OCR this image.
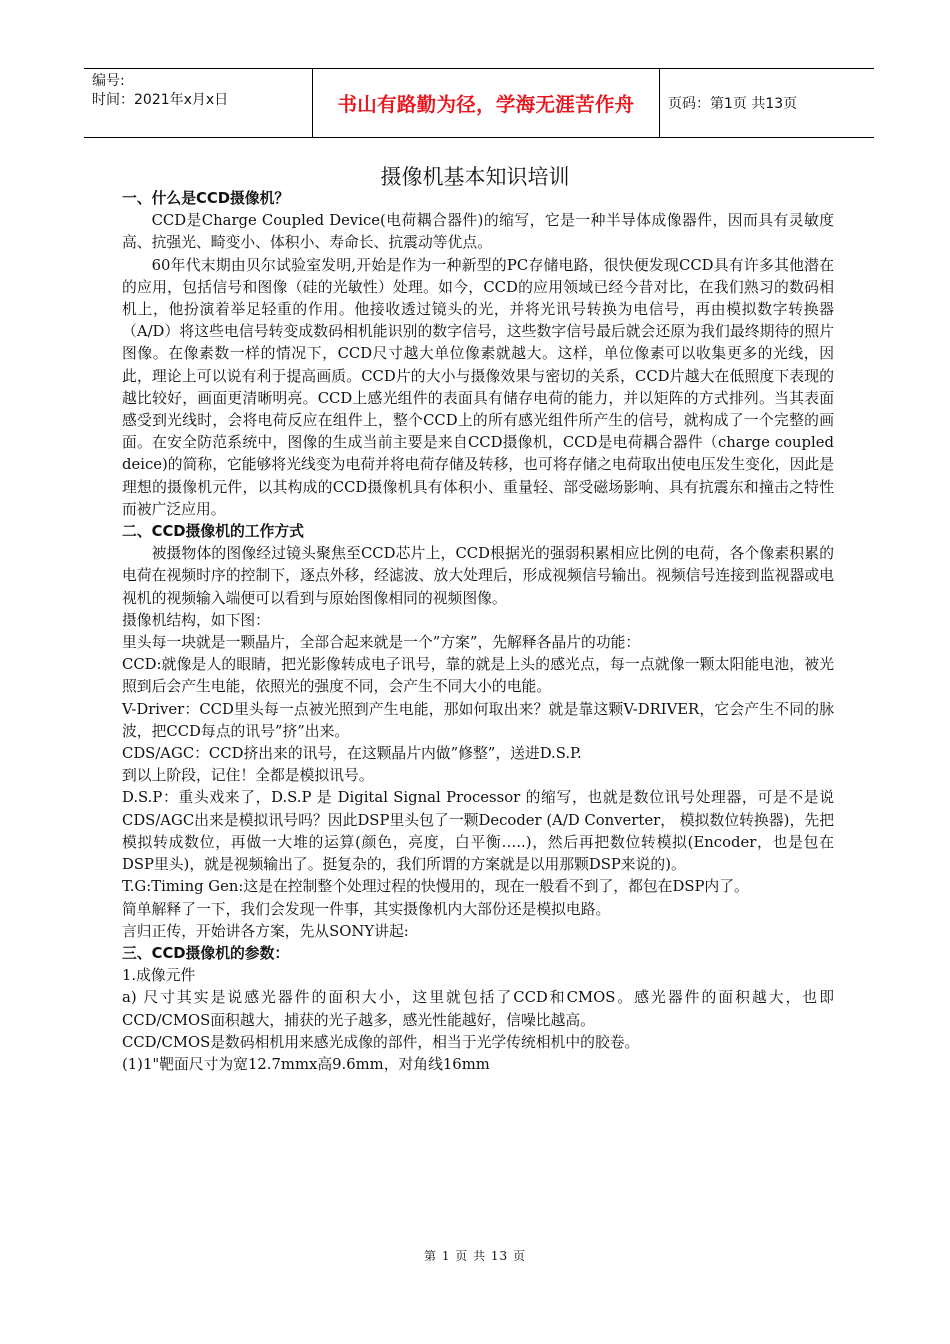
编号:
时间：2021年x月x日	书山有路勤为径，学海无涯苦作舟	页码：第1页 共13页
摄像机基本知识培训
一、什么是CCD摄像机？

CCD是Charge Coupled Device(电荷耦合器件)的缩写，它是一种半导体成像器件，因而具有灵敏度高、抗强光、畸变小、体积小、寿命长、抗震动等优点。

60年代末期由贝尔试验室发明,开始是作为一种新型的PC存储电路，很快便发现CCD具有许多其他潜在的应用，包括信号和图像（硅的光敏性）处理。如今，CCD的应用领域已经今昔对比，在我们熟习的数码相机上，他扮演着举足轻重的作用。他接收透过镜头的光，并将光讯号转换为电信号，再由模拟数字转换器（A/D）将这些电信号转变成数码相机能识别的数字信号，这些数字信号最后就会还原为我们最终期待的照片图像。在像素数一样的情况下，CCD尺寸越大单位像素就越大。这样，单位像素可以收集更多的光线，因此，理论上可以说有利于提高画质。CCD片的大小与摄像效果与密切的关系，CCD片越大在低照度下表现的越比较好，画面更清晰明亮。CCD上感光组件的表面具有储存电荷的能力，并以矩阵的方式排列。当其表面感受到光线时，会将电荷反应在组件上，整个CCD上的所有感光组件所产生的信号，就构成了一个完整的画面。在安全防范系统中，图像的生成当前主要是来自CCD摄像机，CCD是电荷耦合器件（charge coupled deice)的简称，它能够将光线变为电荷并将电荷存储及转移，也可将存储之电荷取出使电压发生变化，因此是理想的摄像机元件，以其构成的CCD摄像机具有体积小、重量轻、部受磁场影响、具有抗震东和撞击之特性而被广泛应用。

二、CCD摄像机的工作方式

被摄物体的图像经过镜头聚焦至CCD芯片上，CCD根据光的强弱积累相应比例的电荷，各个像素积累的电荷在视频时序的控制下，逐点外移，经滤波、放大处理后，形成视频信号输出。视频信号连接到监视器或电视机的视频输入端便可以看到与原始图像相同的视频图像。

摄像机结构，如下图：

里头每一块就是一颗晶片，全部合起来就是一个”方案”，先解释各晶片的功能：

CCD:就像是人的眼睛，把光影像转成电子讯号，靠的就是上头的感光点，每一点就像一颗太阳能电池，被光照到后会产生电能，依照光的强度不同，会产生不同大小的电能。

V-Driver：CCD里头每一点被光照到产生电能，那如何取出来？就是靠这颗V-DRIVER，它会产生不同的脉波，把CCD每点的讯号”挤”出来。

CDS/AGC：CCD挤出来的讯号，在这颗晶片内做”修整”，送进D.S.P.

到以上阶段，记住！全都是模拟讯号。

D.S.P：重头戏来了，D.S.P 是 Digital Signal Processor 的缩写，也就是数位讯号处理器，可是不是说CDS/AGC出来是模拟讯号吗？因此DSP里头包了一颗Decoder (A/D Converter， 模拟数位转换器)，先把模拟转成数位，再做一大堆的运算(颜色，亮度，白平衡…..)，然后再把数位转模拟(Encoder，也是包在DSP里头)，就是视频输出了。挺复杂的，我们所谓的方案就是以用那颗DSP来说的)。

T.G:Timing Gen:这是在控制整个处理过程的快慢用的，现在一般看不到了，都包在DSP内了。

简单解释了一下，我们会发现一件事，其实摄像机内大部份还是模拟电路。

言归正传，开始讲各方案，先从SONY讲起:

三、CCD摄像机的参数：

1.成像元件

a) 尺寸其实是说感光器件的面积大小，这里就包括了CCD和CMOS。感光器件的面积越大，也即CCD/CMOS面积越大，捕获的光子越多，感光性能越好，信噪比越高。

CCD/CMOS是数码相机用来感光成像的部件，相当于光学传统相机中的胶卷。

(1)1"靶面尺寸为宽12.7mmx高9.6mm，对角线16mm

第 1 页 共 13 页
